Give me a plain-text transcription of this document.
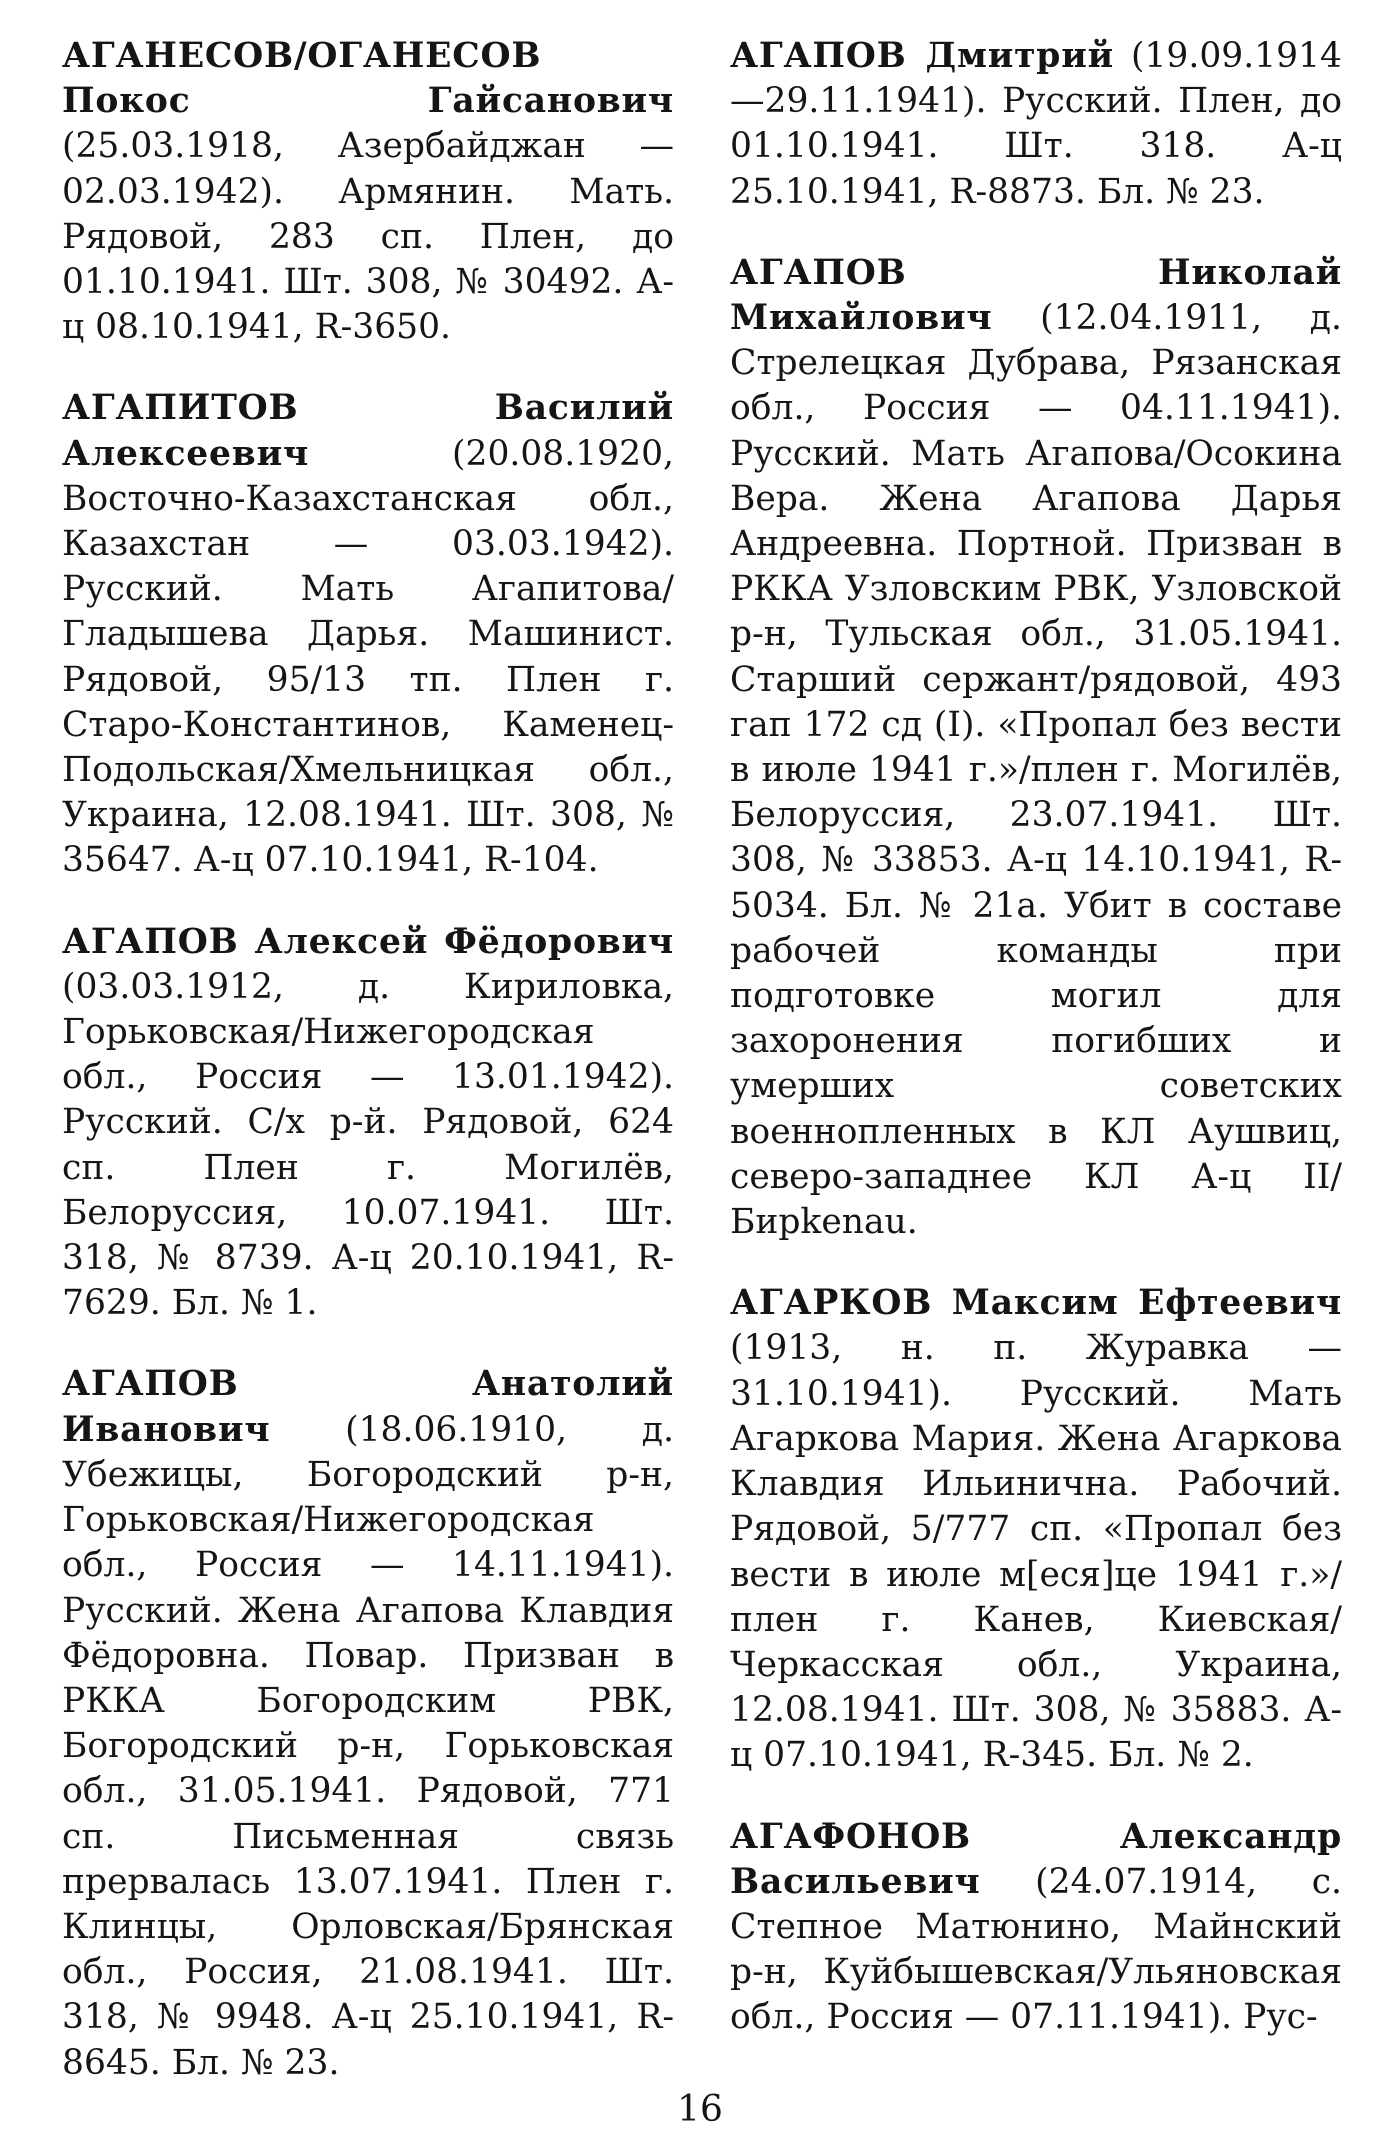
АГАНЕСОВ/ОГАНЕСОВ Покос Гайсанович (25.03.1918, Азербайджан — 02.03.1942). Армянин. Мать. Рядовой, 283 сп. Плен, до 01.10.1941. Шт. 308, № 30492. А-ц 08.10.1941, R-3650.

АГАПИТОВ Василий Алексеевич (20.08.1920, Восточно-Казахстанская обл., Казахстан — 03.03.1942). Русский. Мать Агапитова/Гладышева Дарья. Машинист. Рядовой, 95/13 тп. Плен г. Старо-Константинов, Каменец-Подольская/Хмельницкая обл., Украина, 12.08.1941. Шт. 308, № 35647. А-ц 07.10.1941, R-104.

АГАПОВ Алексей Фёдорович (03.03.1912, д. Кириловка, Горьковская/Нижегородская обл., Россия — 13.01.1942). Русский. С/х р-й. Рядовой, 624 сп. Плен г. Могилёв, Белоруссия, 10.07.1941. Шт. 318, № 8739. А-ц 20.10.1941, R-7629. Бл. № 1.

АГАПОВ Анатолий Иванович (18.06.1910, д. Убежицы, Богородский р-н, Горьковская/Нижегородская обл., Россия — 14.11.1941). Русский. Жена Агапова Клавдия Фёдоровна. Повар. Призван в РККА Богородским РВК, Богородский р-н, Горьковская обл., 31.05.1941. Рядовой, 771 сп. Письменная связь прервалась 13.07.1941. Плен г. Клинцы, Орловская/Брянская обл., Россия, 21.08.1941. Шт. 318, № 9948. А-ц 25.10.1941, R-8645. Бл. № 23.

АГАПОВ Дмитрий (19.09.1914—29.11.1941). Русский. Плен, до 01.10.1941. Шт. 318. А-ц 25.10.1941, R-8873. Бл. № 23.

АГАПОВ Николай Михайлович (12.04.1911, д. Стрелецкая Дубрава, Рязанская обл., Россия — 04.11.1941). Русский. Мать Агапова/Осокина Вера. Жена Агапова Дарья Андреевна. Портной. Призван в РККА Узловским РВК, Узловской р-н, Тульская обл., 31.05.1941. Старший сержант/рядовой, 493 гап 172 сд (I). «Пропал без вести в июле 1941 г.»/плен г. Могилёв, Белоруссия, 23.07.1941. Шт. 308, № 33853. А-ц 14.10.1941, R-5034. Бл. № 21а. Убит в составе рабочей команды при подготовке могил для захоронения погибших и умерших советских военнопленных в КЛ Аушвиц, северо-западнее КЛ А-ц II/Бирkenau.

АГАРКОВ Максим Ефтеевич (1913, н. п. Журавка — 31.10.1941). Русский. Мать Агаркова Мария. Жена Агаркова Клавдия Ильинична. Рабочий. Рядовой, 5/777 сп. «Пропал без вести в июле м[еся]це 1941 г.»/плен г. Канев, Киевская/Черкасская обл., Украина, 12.08.1941. Шт. 308, № 35883. А-ц 07.10.1941, R-345. Бл. № 2.

АГАФОНОВ Александр Васильевич (24.07.1914, с. Степное Матюнино, Майнский р-н, Куйбышевская/Ульяновская обл., Россия — 07.11.1941). Рус-

16
